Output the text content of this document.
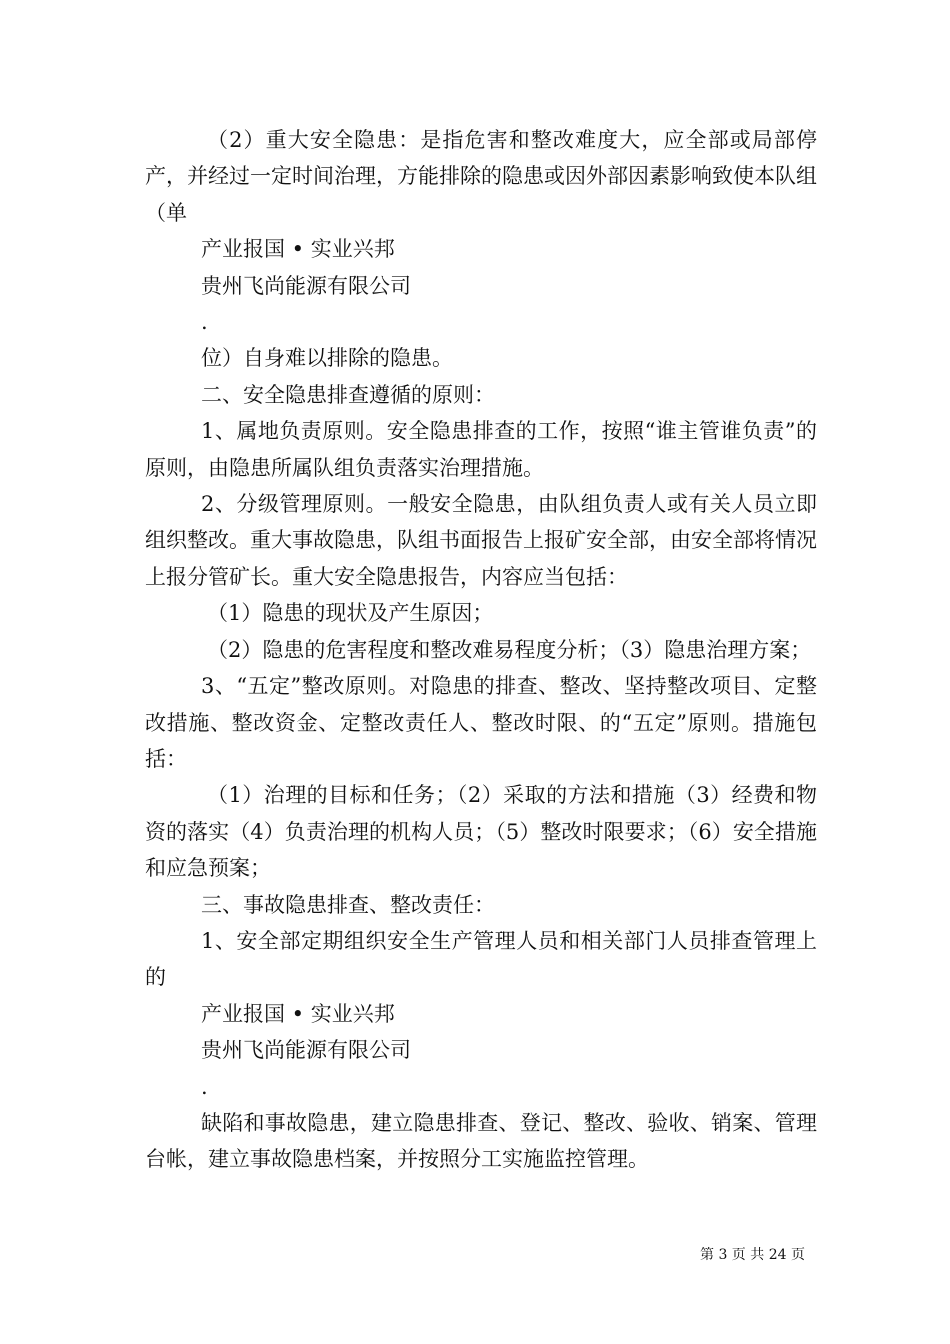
（2）重大安全隐患：是指危害和整改难度大，应全部或局部停产，并经过一定时间治理，方能排除的隐患或因外部因素影响致使本队组（单

产业报国 • 实业兴邦

贵州飞尚能源有限公司

.

位）自身难以排除的隐患。

二、安全隐患排查遵循的原则：

1、属地负责原则。安全隐患排查的工作，按照“谁主管谁负责”的原则，由隐患所属队组负责落实治理措施。

2、分级管理原则。一般安全隐患，由队组负责人或有关人员立即组织整改。重大事故隐患，队组书面报告上报矿安全部，由安全部将情况上报分管矿长。重大安全隐患报告，内容应当包括：

（1）隐患的现状及产生原因；

（2）隐患的危害程度和整改难易程度分析；（3）隐患治理方案；

3、“五定”整改原则。对隐患的排查、整改、坚持整改项目、定整改措施、整改资金、定整改责任人、整改时限、的“五定”原则。措施包括：

（1）治理的目标和任务；（2）采取的方法和措施（3）经费和物资的落实（4）负责治理的机构人员；（5）整改时限要求；（6）安全措施和应急预案；

三、事故隐患排查、整改责任：

1、安全部定期组织安全生产管理人员和相关部门人员排查管理上的

产业报国 • 实业兴邦

贵州飞尚能源有限公司

.

缺陷和事故隐患，建立隐患排查、登记、整改、验收、销案、管理台帐，建立事故隐患档案，并按照分工实施监控管理。

第 3 页 共 24 页
